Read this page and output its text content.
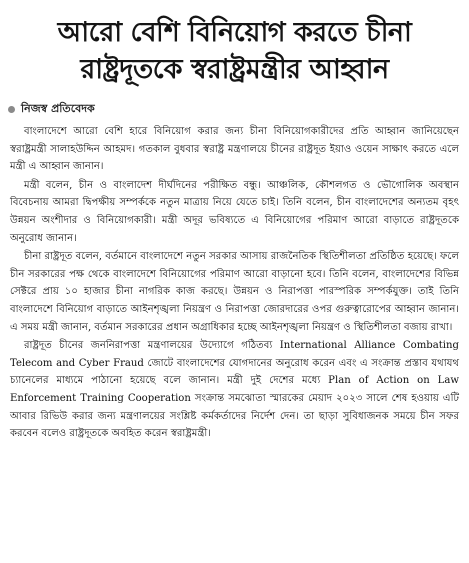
আরো বেশি বিনিয়োগ করতে চীনা
রাষ্ট্রদূতকে স্বরাষ্ট্রমন্ত্রীর আহ্বান
নিজস্ব প্রতিবেদক

বাংলাদেশে আরো বেশি হারে বিনিয়োগ করার জন্য চীনা বিনিয়োগকারীদের প্রতি আহ্বান জানিয়েছেন স্বরাষ্ট্রমন্ত্রী সালাহউদ্দিন আহমদ। গতকাল বুধবার স্বরাষ্ট্র মন্ত্রণালয়ে চীনের রাষ্ট্রদূত ইয়াও ওয়েন সাক্ষাৎ করতে এলে মন্ত্রী এ আহ্বান জানান।

মন্ত্রী বলেন, চীন ও বাংলাদেশ দীর্ঘদিনের পরীক্ষিত বন্ধু। আঞ্চলিক, কৌশলগত ও ভৌগোলিক অবস্থান বিবেচনায় আমরা দ্বিপক্ষীয় সম্পর্ককে নতুন মাত্রায় নিয়ে যেতে চাই। তিনি বলেন, চীন বাংলাদেশের অন্যতম বৃহৎ উন্নয়ন অংশীদার ও বিনিয়োগকারী। মন্ত্রী অদূর ভবিষ্যতে এ বিনিয়োগের পরিমাণ আরো বাড়াতে রাষ্ট্রদূতকে অনুরোধ জানান।

চীনা রাষ্ট্রদূত বলেন, বর্তমানে বাংলাদেশে নতুন সরকার আসায় রাজনৈতিক স্থিতিশীলতা প্রতিষ্ঠিত হয়েছে। ফলে চীন সরকারের পক্ষ থেকে বাংলাদেশে বিনিয়োগের পরিমাণ আরো বাড়ানো হবে। তিনি বলেন, বাংলাদেশের বিভিন্ন সেক্টরে প্রায় ১০ হাজার চীনা নাগরিক কাজ করছে। উন্নয়ন ও নিরাপত্তা পারস্পরিক সম্পর্কযুক্ত। তাই তিনি বাংলাদেশে বিনিয়োগ বাড়াতে আইনশৃঙ্খলা নিয়ন্ত্রণ ও নিরাপত্তা জোরদারের ওপর গুরুত্বারোপের আহ্বান জানান। এ সময় মন্ত্রী জানান, বর্তমান সরকারের প্রধান অগ্রাধিকার হচ্ছে আইনশৃঙ্খলা নিয়ন্ত্রণ ও স্থিতিশীলতা বজায় রাখা।

রাষ্ট্রদূত চীনের জননিরাপত্তা মন্ত্রণালয়ের উদ্যোগে গঠিতব্য International Alliance Combating Telecom and Cyber Fraud জোটে বাংলাদেশের যোগদানের অনুরোধ করেন এবং এ সংক্রান্ত প্রস্তাব যথাযথ চ্যানেলের মাধ্যমে পাঠানো হয়েছে বলে জানান। মন্ত্রী দুই দেশের মধ্যে Plan of Action on Law Enforcement Training Cooperation সংক্রান্ত সমঝোতা স্মারকের মেয়াদ ২০২৩ সালে শেষ হওয়ায় এটি আবার রিভিউ করার জন্য মন্ত্রণালয়ের সংশ্লিষ্ট কর্মকর্তাদের নির্দেশ দেন। তা ছাড়া সুবিধাজনক সময়ে চীন সফর করবেন বলেও রাষ্ট্রদূতকে অবহিত করেন স্বরাষ্ট্রমন্ত্রী।
